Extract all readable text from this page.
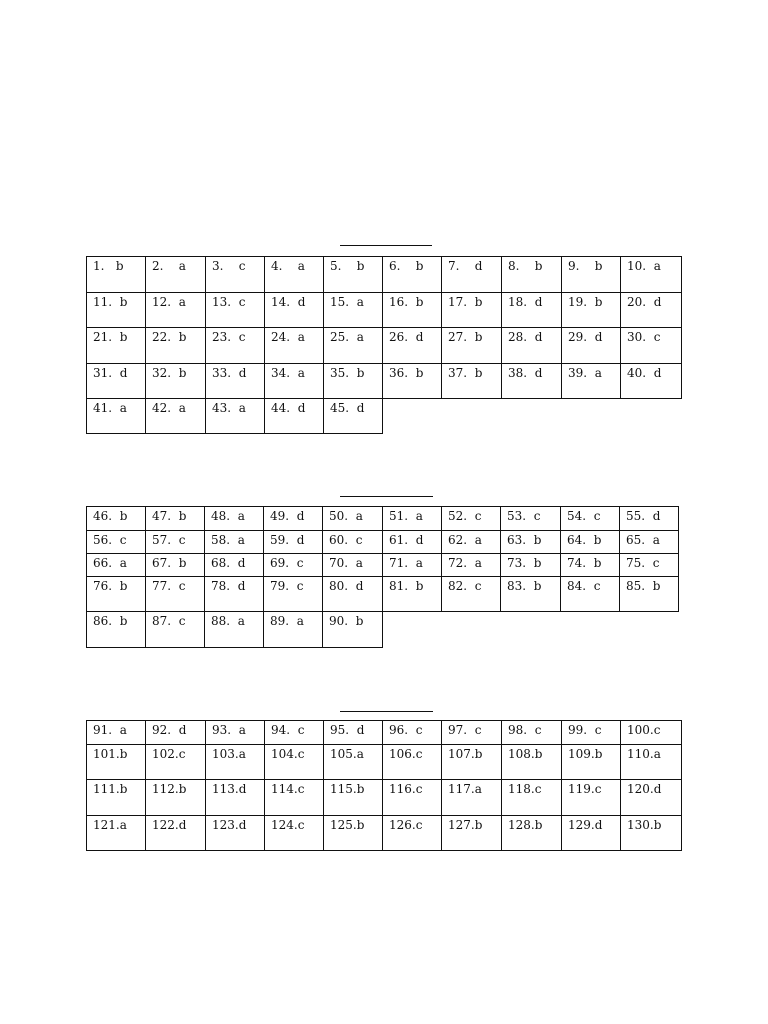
1.   b	2.    a	3.    c	4.    a	5.    b	6.    b	7.    d	8.    b	9.    b	10.  a
11.  b	12.  a	13.  c	14.  d	15.  a	16.  b	17.  b	18.  d	19.  b	20.  d
21.  b	22.  b	23.  c	24.  a	25.  a	26.  d	27.  b	28.  d	29.  d	30.  c
31.  d	32.  b	33.  d	34.  a	35.  b	36.  b	37.  b	38.  d	39.  a	40.  d
41.  a	42.  a	43.  a	44.  d	45.  d					
46.  b	47.  b	48.  a	49.  d	50.  a	51.  a	52.  c	53.  c	54.  c	55.  d
56.  c	57.  c	58.  a	59.  d	60.  c	61.  d	62.  a	63.  b	64.  b	65.  a
66.  a	67.  b	68.  d	69.  c	70.  a	71.  a	72.  a	73.  b	74.  b	75.  c
76.  b	77.  c	78.  d	79.  c	80.  d	81.  b	82.  c	83.  b	84.  c	85.  b
86.  b	87.  c	88.  a	89.  a	90.  b					
91.  a	92.  d	93.  a	94.  c	95.  d	96.  c	97.  c	98.  c	99.  c	100.c
101.b	102.c	103.a	104.c	105.a	106.c	107.b	108.b	109.b	110.a
111.b	112.b	113.d	114.c	115.b	116.c	117.a	118.c	119.c	120.d
121.a	122.d	123.d	124.c	125.b	126.c	127.b	128.b	129.d	130.b
